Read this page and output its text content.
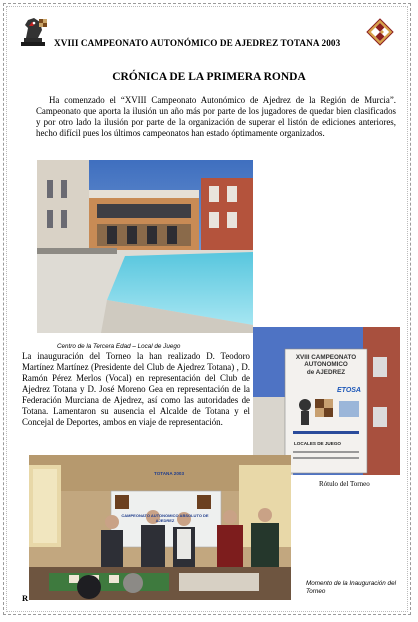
XVIII CAMPEONATO AUTONÓMICO DE AJEDREZ TOTANA 2003
CRÓNICA DE LA PRIMERA RONDA

Ha comenzado el “XVIII Campeonato Autonómico de Ajedrez de la Región de Murcia”. Campeonato que aporta la ilusión un año más por parte de los jugadores de quedar bien clasificados y por otro lado la ilusión por parte de la organización de superar el listón de ediciones anteriores, hecho difícil pues los últimos campeonatos han estado óptimamente organizados.

Centro de la Tercera Edad – Local de Juego

La inauguración del Torneo la han realizado D. Teodoro Martínez Martínez (Presidente del Club de Ajedrez Totana) , D. Ramón Pérez Merlos (Vocal) en representación del Club de Ajedrez Totana y D. José Moreno Gea en representación de la Federación Murciana de Ajedrez, así como las autoridades de Totana. Lamentaron su ausencia el Alcalde de Totana y el Concejal de Deportes, ambos en viaje de representación.

XVIII CAMPEONATO
AUTONOMICO
de AJEDREZ
ETOSA
LOCALES DE JUEGO
Rótulo del Torneo
TOTANA 2003
CAMPEONATO AUTONOMICO ABSOLUTO DE AJEDREZ
Momento de la Inauguración del Torneo
R
